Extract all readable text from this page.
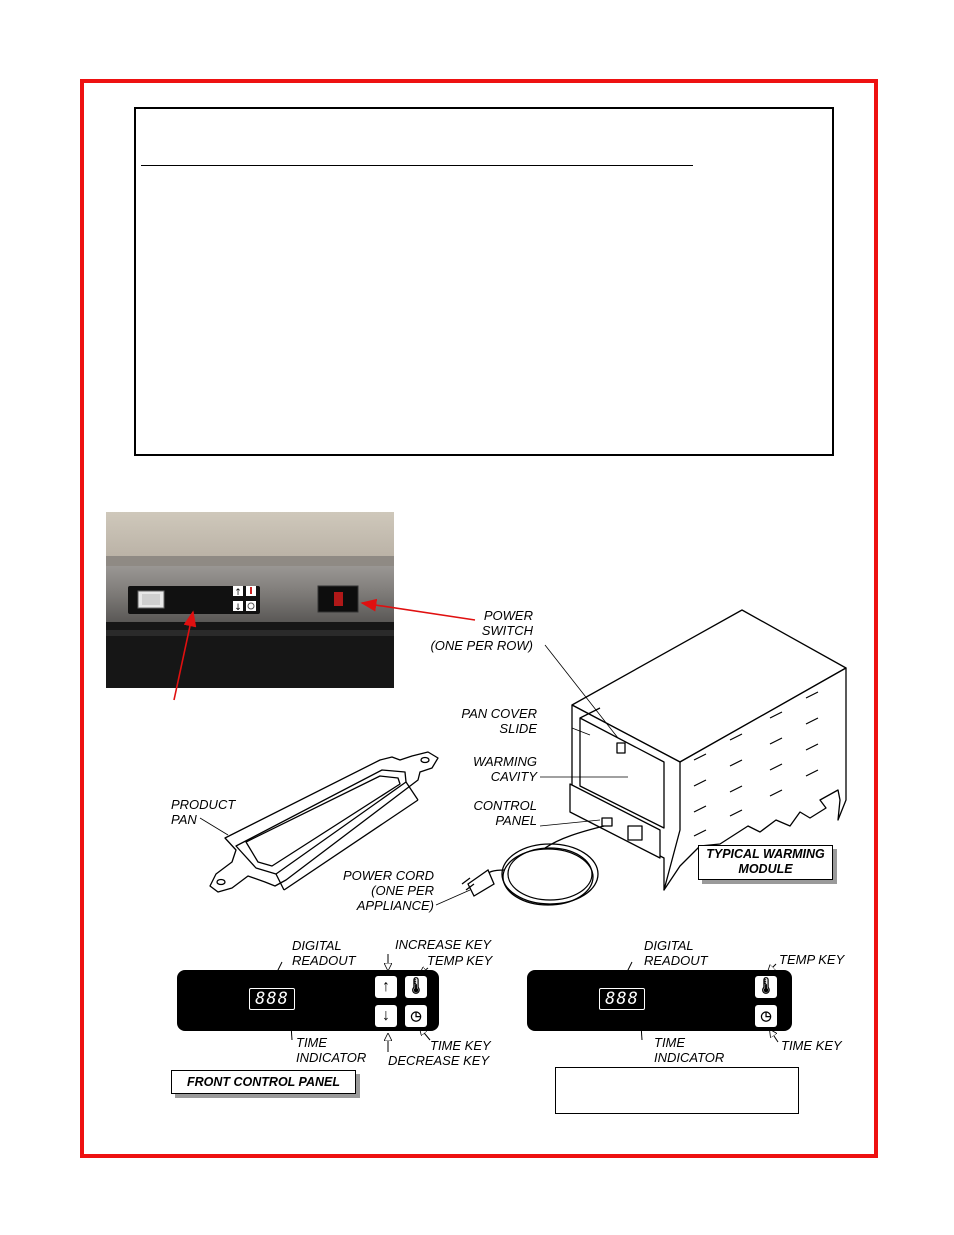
↑
↓	POWER
SWITCH
(ONE PER ROW)
PAN COVER
SLIDE
WARMING
CAVITY
CONTROL
PANEL
PRODUCT
PAN
POWER CORD
(ONE PER
APPLIANCE)
TYPICAL WARMING
MODULE
888
↑ 🌡
↓	◷
DIGITAL
READOUT
INCREASE KEY
TEMP KEY
TIME
INDICATOR
TIME KEY
DECREASE KEY
FRONT CONTROL PANEL
888
🌡
◷
DIGITAL
READOUT	TEMP KEY
TIME
INDICATOR
TIME KEY
